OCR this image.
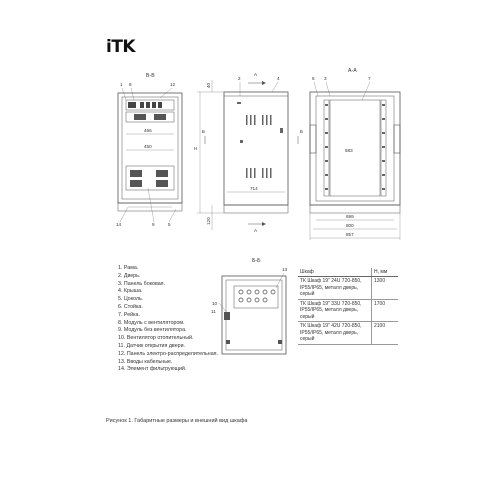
iTK
В-В
1 8	12
466
450
14	9	5
2	4
А
714
H
40
120
Б	Б
А
А-А
6 3	7
583
699
800
857
Б-Б
13
10
11
1. Рама.
2. Дверь.
3. Панель боковая.
4. Крыша.
5. Цоколь.
6. Стойка.
7. Рейка.
8. Модуль с вентилятором.
9. Модуль без вентилятора.
10. Вентилятор отопительный.
11. Датчик открытия двери.
12. Панель электро-распределительная.
13. Вводы кабельные.
14. Элемент фильтрующий.
Шкаф	H, мм
ТК Шкаф 19" 24U 720-850, IP55/IP65, металл дверь, серый	1300
ТК Шкаф 19" 33U 720-850, IP55/IP65, металл дверь, серый	1700
ТК Шкаф 19" 42U 720-850, IP55/IP65, металл дверь, серый	2100
Рисунок 1. Габаритные размеры и внешний вид шкафа
